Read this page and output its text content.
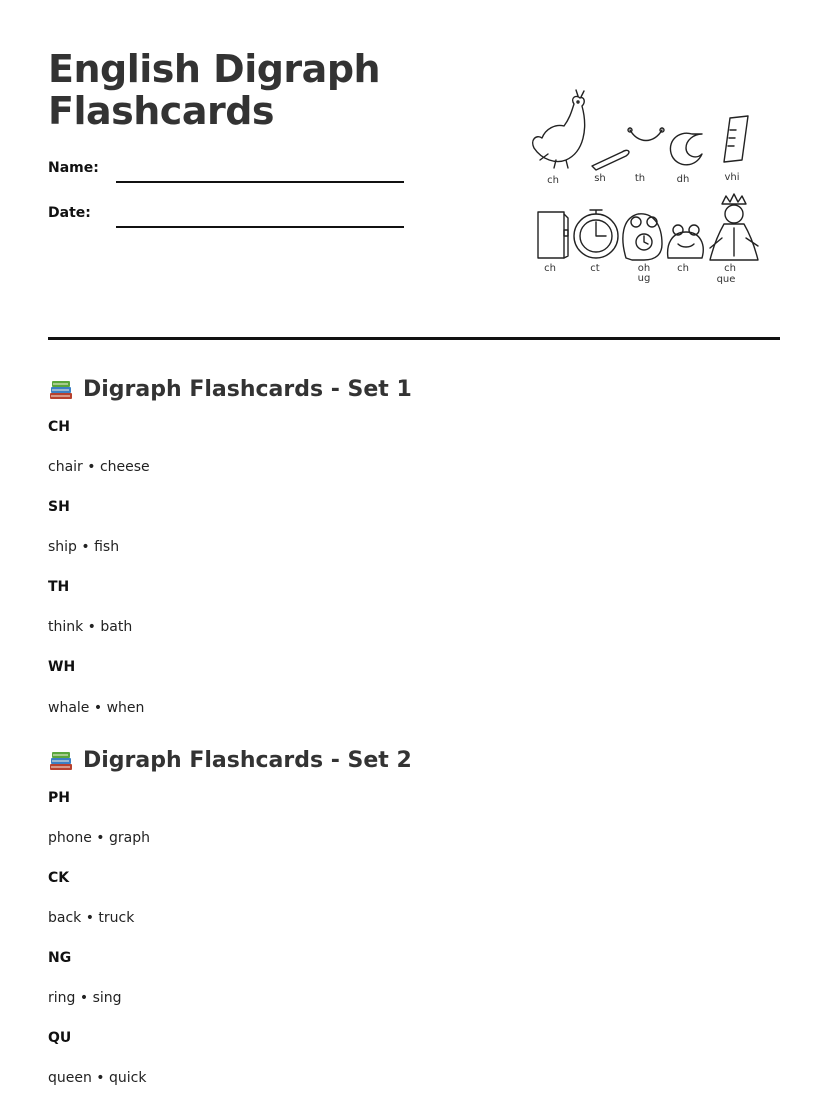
English Digraph
Flashcards
Name:
Date:
ch	sh	th	dh	vhi
ch	ct	oh
ug
ch	ch
que
Digraph Flashcards - Set 1
CH
chair • cheese
SH
ship • fish
TH
think • bath
WH
whale • when
Digraph Flashcards - Set 2
PH
phone • graph
CK
back • truck
NG
ring • sing
QU
queen • quick
